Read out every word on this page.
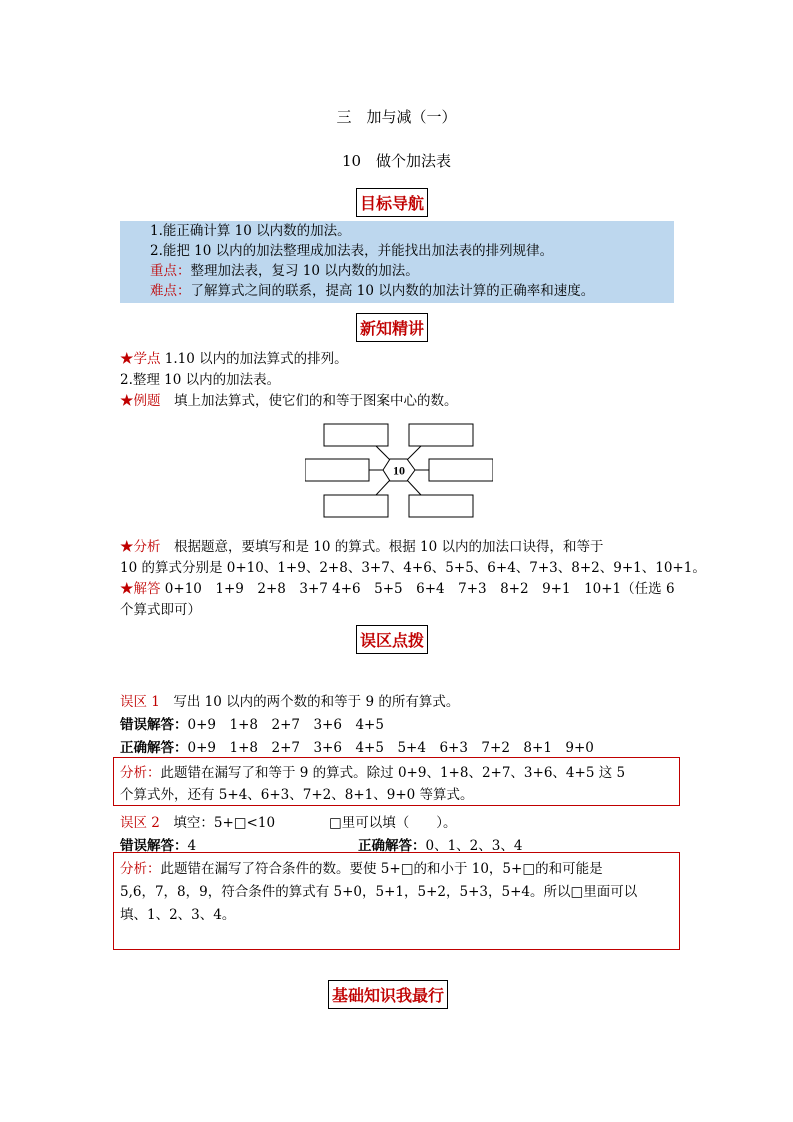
三　加与减（一）
10　做个加法表
目标导航
1.能正确计算 10 以内数的加法。
2.能把 10 以内的加法整理成加法表，并能找出加法表的排列规律。
重点：整理加法表，复习 10 以内数的加法。
难点：了解算式之间的联系，提高 10 以内数的加法计算的正确率和速度。
新知精讲
★学点 1.10 以内的加法算式的排列。
2.整理 10 以内的加法表。
★例题　填上加法算式，使它们的和等于图案中心的数。
10
★分析　根据题意，要填写和是 10 的算式。根据 10 以内的加法口诀得，和等于
10 的算式分别是 0+10、1+9、2+8、3+7、4+6、5+5、6+4、7+3、8+2、9+1、10+1。
★解答 0+10　1+9　2+8　3+7 4+6　5+5　6+4　7+3　8+2　9+1　10+1（任选 6
个算式即可）
误区点拨
误区 1　写出 10 以内的两个数的和等于 9 的所有算式。
错误解答：0+9　1+8　2+7　3+6　4+5
正确解答：0+9　1+8　2+7　3+6　4+5　5+4　6+3　7+2　8+1　9+0
分析：此题错在漏写了和等于 9 的算式。除过 0+9、1+8、2+7、3+6、4+5 这 5
个算式外，还有 5+4、6+3、7+2、8+1、9+0 等算式。
误区 2　填空：5+□<10　　　　□里可以填（　　）。
错误解答：4	正确解答：0、1、2、3、4
分析：此题错在漏写了符合条件的数。要使 5+□的和小于 10，5+□的和可能是
5,6，7，8，9，符合条件的算式有 5+0，5+1，5+2，5+3，5+4。所以□里面可以
填、1、2、3、4。
基础知识我最行
